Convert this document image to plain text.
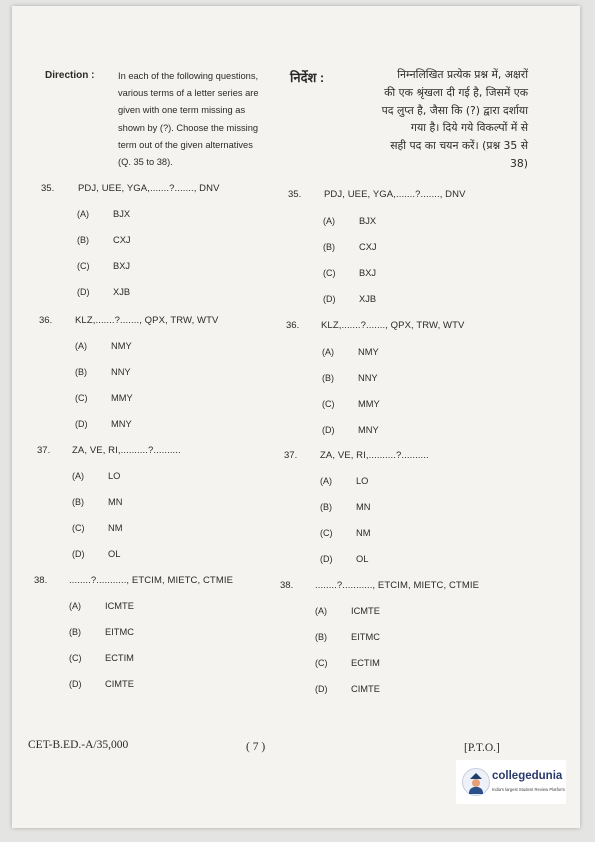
Direction :	In each of the following questions,
various terms of a letter series are
given with one term missing as
shown by (?). Choose the missing
term out of the given alternatives
(Q. 35 to 38).
निर्देश :	निम्नलिखित प्रत्येक प्रश्न में, अक्षरों
की एक श्रृंखला दी गई है, जिसमें एक
पद लुप्त है, जैसा कि (?) द्वारा दर्शाया
गया है। दिये गये विकल्पों में से
सही पद का चयन करें। (प्रश्न 35 से
38)
35.	PDJ, UEE, YGA,.......?......., DNV
(A)	BJX
(B)	CXJ
(C)	BXJ
(D)	XJB
36. KLZ,.......?......., QPX, TRW, WTV
(A)	NMY
(B)	NNY
(C)	MMY
(D)	MNY
37. ZA, VE, RI,..........?..........
(A)	LO
(B)	MN
(C)	NM
(D)	OL
38. ........?..........., ETCIM, MIETC, CTMIE
(A)	ICMTE
(B)	EITMC
(C)	ECTIM
(D)	CIMTE
35. PDJ, UEE, YGA,.......?......., DNV
(A)	BJX
(B)	CXJ
(C)	BXJ
(D)	XJB
36. KLZ,.......?......., QPX, TRW, WTV
(A)	NMY
(B)	NNY
(C)	MMY
(D)	MNY
37. ZA, VE, RI,..........?..........
(A)	LO
(B)	MN
(C)	NM
(D)	OL
38. ........?..........., ETCIM, MIETC, CTMIE
(A)	ICMTE
(B)	EITMC
(C)	ECTIM
(D)	CIMTE
CET-B.ED.-A/35,000	( 7 )	[P.T.O.]
collegedunia
India's largest Student Review Platform
